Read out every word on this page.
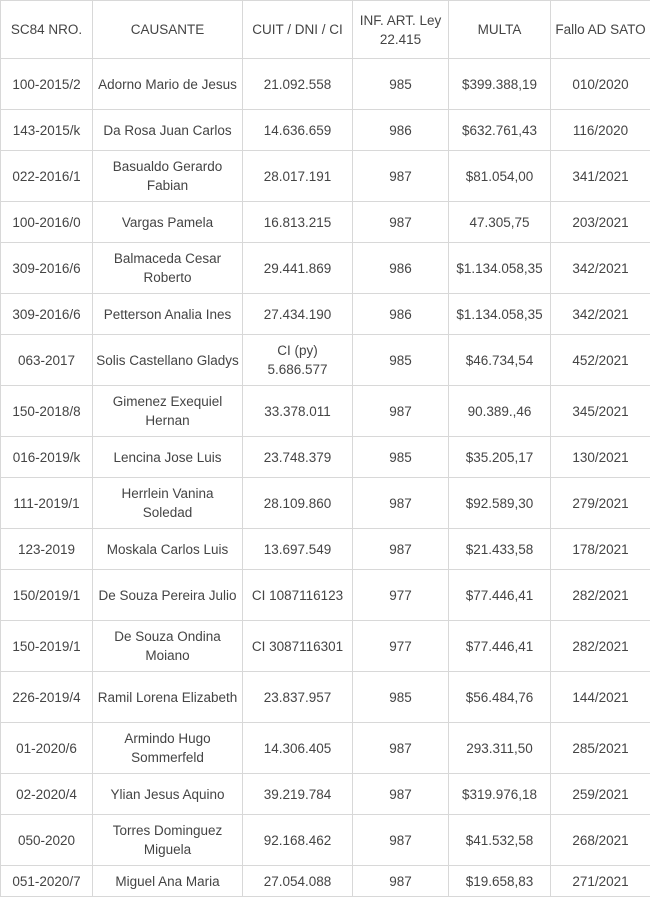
SC84 NRO.	CAUSANTE	CUIT / DNI / CI	INF. ART. Ley 22.415	MULTA	Fallo AD SATO
100-2015/2	Adorno Mario de Jesus	21.092.558	985	$399.388,19	010/2020
143-2015/k	Da Rosa Juan Carlos	14.636.659	986	$632.761,43	116/2020
022-2016/1	Basualdo Gerardo Fabian	28.017.191	987	$81.054,00	341/2021
100-2016/0	Vargas Pamela	16.813.215	987	47.305,75	203/2021
309-2016/6	Balmaceda Cesar Roberto	29.441.869	986	$1.134.058,35	342/2021
309-2016/6	Petterson Analia Ines	27.434.190	986	$1.134.058,35	342/2021
063-2017	Solis Castellano Gladys	CI (py) 5.686.577	985	$46.734,54	452/2021
150-2018/8	Gimenez Exequiel Hernan	33.378.011	987	90.389.,46	345/2021
016-2019/k	Lencina Jose Luis	23.748.379	985	$35.205,17	130/2021
111-2019/1	Herrlein Vanina Soledad	28.109.860	987	$92.589,30	279/2021
123-2019	Moskala Carlos Luis	13.697.549	987	$21.433,58	178/2021
150/2019/1	De Souza Pereira Julio	CI 1087116123	977	$77.446,41	282/2021
150-2019/1	De Souza Ondina Moiano	CI 3087116301	977	$77.446,41	282/2021
226-2019/4	Ramil Lorena Elizabeth	23.837.957	985	$56.484,76	144/2021
01-2020/6	Armindo Hugo Sommerfeld	14.306.405	987	293.311,50	285/2021
02-2020/4	Ylian Jesus Aquino	39.219.784	987	$319.976,18	259/2021
050-2020	Torres Dominguez Miguela	92.168.462	987	$41.532,58	268/2021
051-2020/7	Miguel Ana Maria	27.054.088	987	$19.658,83	271/2021
